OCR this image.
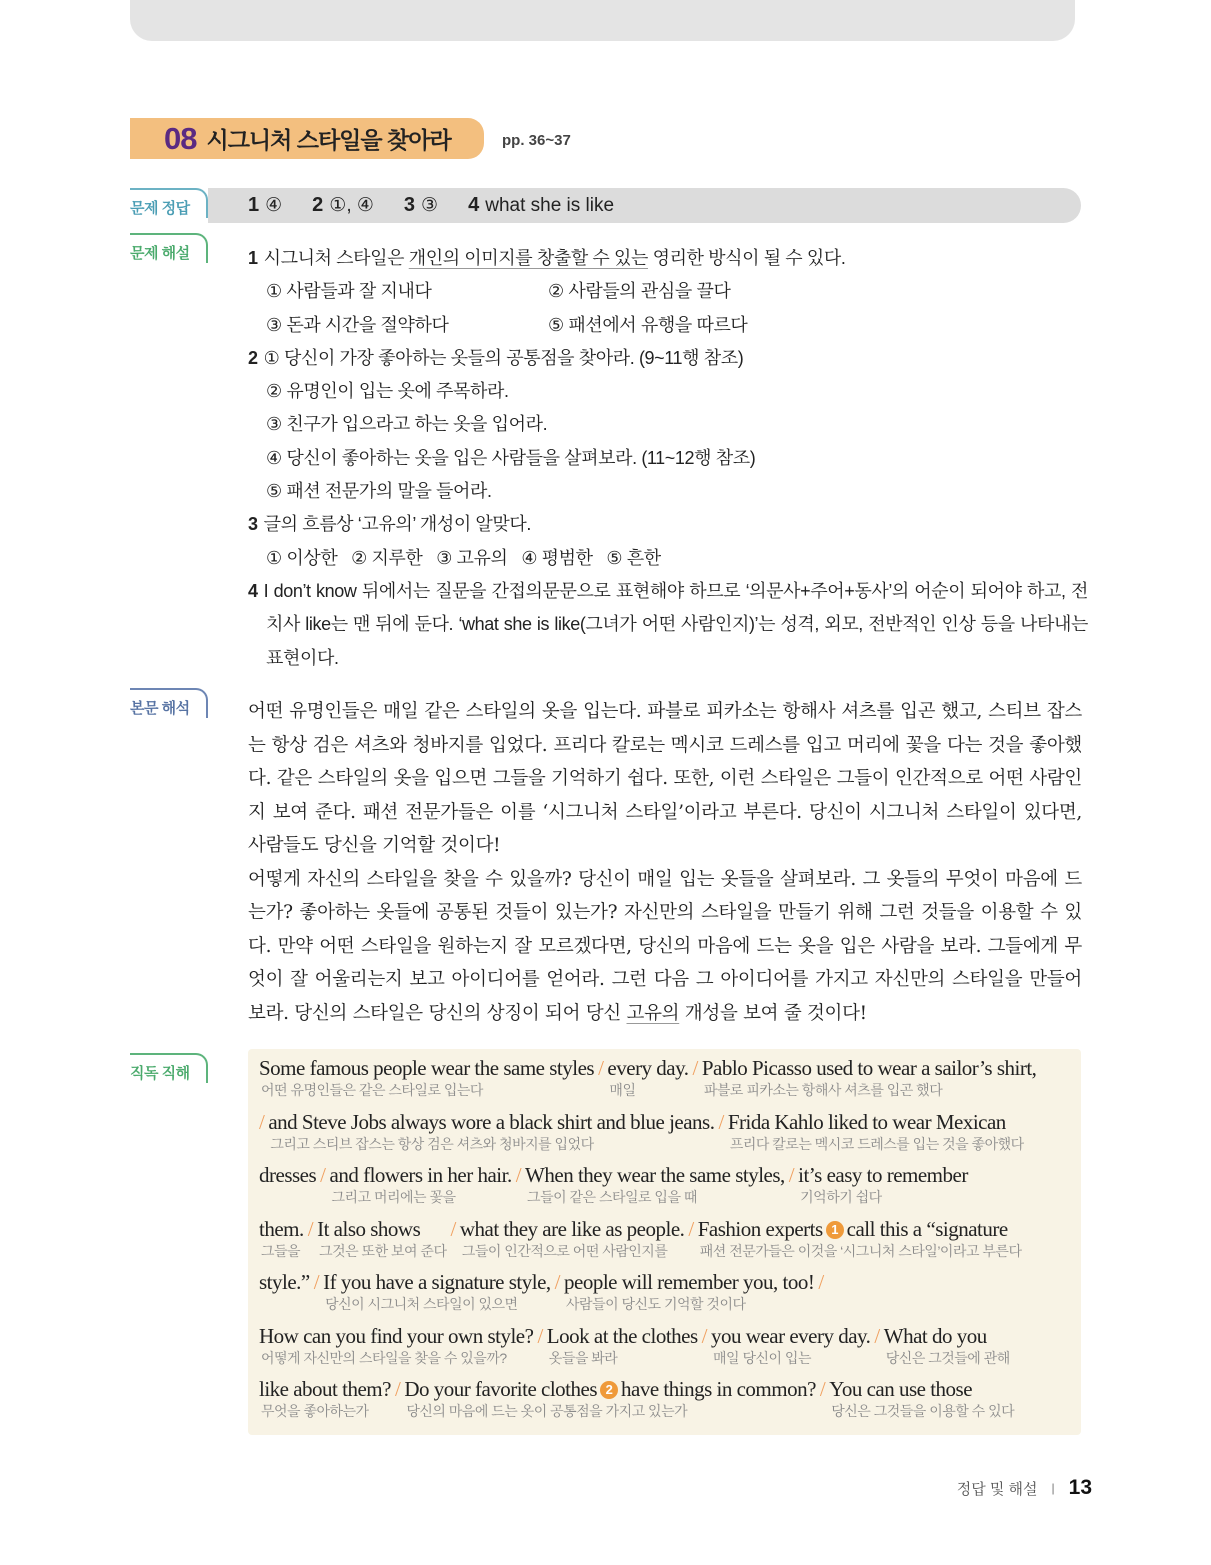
08 시그니처 스타일을 찾아라	pp. 36~37
문제 정답	1 ④ 2 ①, ④ 3 ③ 4 what she is like
문제 해설	1 시그니처 스타일은 개인의 이미지를 창출할 수 있는 영리한 방식이 될 수 있다.
① 사람들과 잘 지내다	② 사람들의 관심을 끌다
③ 돈과 시간을 절약하다	⑤ 패션에서 유행을 따르다
2 ① 당신이 가장 좋아하는 옷들의 공통점을 찾아라. (9~11행 참조)
② 유명인이 입는 옷에 주목하라.
③ 친구가 입으라고 하는 옷을 입어라.
④ 당신이 좋아하는 옷을 입은 사람들을 살펴보라. (11~12행 참조)
⑤ 패션 전문가의 말을 들어라.
3 글의 흐름상 ‘고유의’ 개성이 알맞다.
① 이상한   ② 지루한   ③ 고유의   ④ 평범한   ⑤ 흔한
4 I don’t know 뒤에서는 질문을 간접의문문으로 표현해야 하므로 ‘의문사+주어+동사’의 어순이 되어야 하고, 전치사 like는 맨 뒤에 둔다. ‘what she is like(그녀가 어떤 사람인지)’는 성격, 외모, 전반적인 인상 등을 나타내는 표현이다.
본문 해석	어떤 유명인들은 매일 같은 스타일의 옷을 입는다. 파블로 피카소는 항해사 셔츠를 입곤 했고, 스티브 잡스는 항상 검은 셔츠와 청바지를 입었다. 프리다 칼로는 멕시코 드레스를 입고 머리에 꽃을 다는 것을 좋아했다. 같은 스타일의 옷을 입으면 그들을 기억하기 쉽다. 또한, 이런 스타일은 그들이 인간적으로 어떤 사람인지 보여 준다. 패션 전문가들은 이를 ‘시그니처 스타일’이라고 부른다. 당신이 시그니처 스타일이 있다면, 사람들도 당신을 기억할 것이다!

어떻게 자신의 스타일을 찾을 수 있을까? 당신이 매일 입는 옷들을 살펴보라. 그 옷들의 무엇이 마음에 드는가? 좋아하는 옷들에 공통된 것들이 있는가? 자신만의 스타일을 만들기 위해 그런 것들을 이용할 수 있다. 만약 어떤 스타일을 원하는지 잘 모르겠다면, 당신의 마음에 드는 옷을 입은 사람을 보라. 그들에게 무엇이 잘 어울리는지 보고 아이디어를 얻어라. 그런 다음 그 아이디어를 가지고 자신만의 스타일을 만들어 보라. 당신의 스타일은 당신의 상징이 되어 당신 고유의 개성을 보여 줄 것이다!

직독 직해	Some famous people wear the same styles
어떤 유명인들은 같은 스타일로 입는다
/ every day.
매일
/ Pablo Picasso used to wear a sailor’s shirt,
파블로 피카소는 항해사 셔츠를 입곤 했다
/ and Steve Jobs always wore a black shirt and blue jeans.
그리고 스티브 잡스는 항상 검은 셔츠와 청바지를 입었다
/ Frida Kahlo liked to wear Mexican
프리다 칼로는 멕시코 드레스를 입는 것을 좋아했다
dresses / and flowers in her hair.
그리고 머리에는 꽃을
/ When they wear the same styles,
그들이 같은 스타일로 입을 때
/ it’s easy to remember
기억하기 쉽다
them.
그들을
/ It also shows
그것은 또한 보여 준다
/ what they are like as people.
그들이 인간적으로 어떤 사람인지를
/ Fashion experts 1 call this a “signature
패션 전문가들은 이것을 ‘시그니처 스타일’이라고 부른다
style.” / If you have a signature style,
당신이 시그니처 스타일이 있으면
/ people will remember you, too!
사람들이 당신도 기억할 것이다
/
How can you find your own style?
어떻게 자신만의 스타일을 찾을 수 있을까?
/ Look at the clothes
옷들을 봐라
/ you wear every day.
매일 당신이 입는
/ What do you
당신은 그것들에 관해
like about them?
무엇을 좋아하는가
/ Do your favorite clothes 2 have things in common?
당신의 마음에 드는 옷이 공통점을 가지고 있는가
/ You can use those
당신은 그것들을 이용할 수 있다
정답 및 해설 | 13
